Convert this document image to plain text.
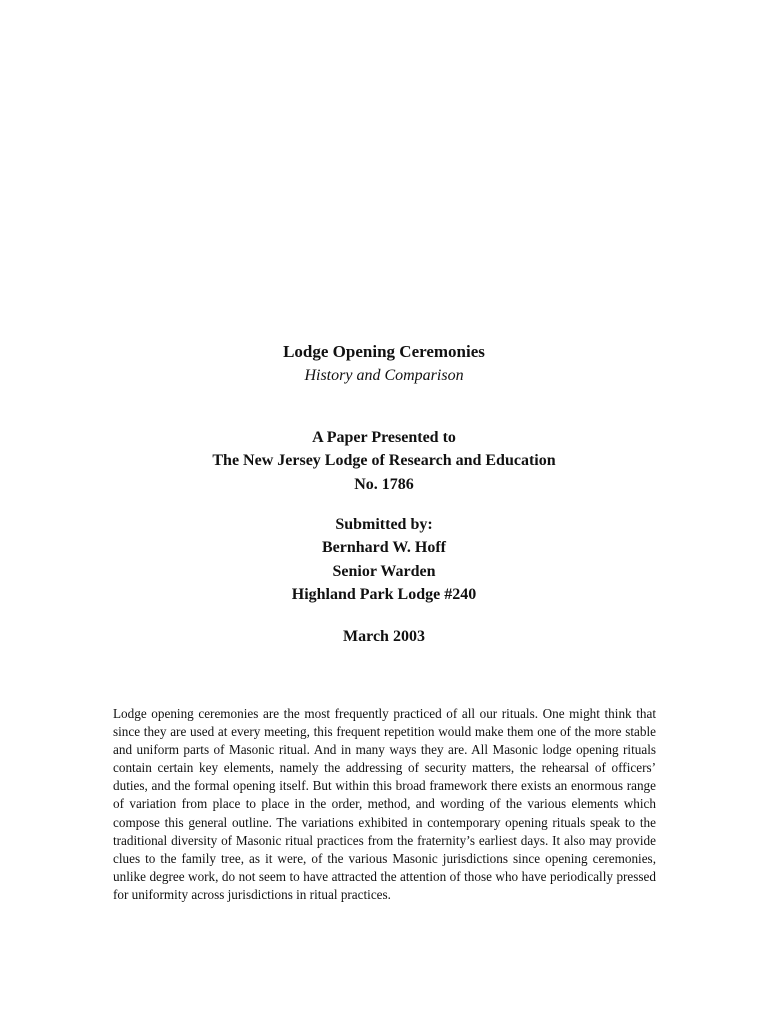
Lodge Opening Ceremonies
History and Comparison
A Paper Presented to
The New Jersey Lodge of Research and Education
No. 1786
Submitted by:
Bernhard W. Hoff
Senior Warden
Highland Park Lodge #240
March 2003

Lodge opening ceremonies are the most frequently practiced of all our rituals. One might think that since they are used at every meeting, this frequent repetition would make them one of the more stable and uniform parts of Masonic ritual. And in many ways they are. All Masonic lodge opening rituals contain certain key elements, namely the addressing of security matters, the rehearsal of officers’ duties, and the formal opening itself. But within this broad framework there exists an enormous range of variation from place to place in the order, method, and wording of the various elements which compose this general outline. The variations exhibited in contemporary opening rituals speak to the traditional diversity of Masonic ritual practices from the fraternity’s earliest days. It also may provide clues to the family tree, as it were, of the various Masonic jurisdictions since opening ceremonies, unlike degree work, do not seem to have attracted the attention of those who have periodically pressed for uniformity across jurisdictions in ritual practices.
